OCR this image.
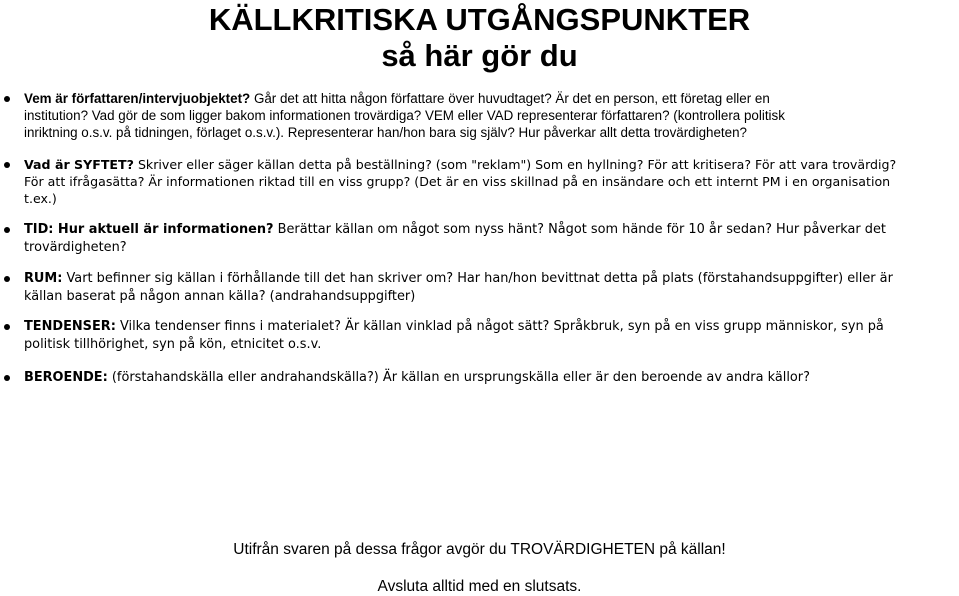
KÄLLKRITISKA UTGÅNGSPUNKTER
så här gör du
Vem är författaren/intervjuobjektet? Går det att hitta någon författare över huvudtaget? Är det en person, ett företag eller en
institution? Vad gör de som ligger bakom informationen trovärdiga? VEM eller VAD representerar författaren? (kontrollera politisk
inriktning o.s.v. på tidningen, förlaget o.s.v.). Representerar han/hon bara sig själv? Hur påverkar allt detta trovärdigheten?
Vad är SYFTET? Skriver eller säger källan detta på beställning? (som "reklam") Som en hyllning? För att kritisera? För att vara trovärdig?
För att ifrågasätta? Är informationen riktad till en viss grupp? (Det är en viss skillnad på en insändare och ett internt PM i en organisation
t.ex.)
TID: Hur aktuell är informationen? Berättar källan om något som nyss hänt? Något som hände för 10 år sedan? Hur påverkar det
trovärdigheten?
RUM: Vart befinner sig källan i förhållande till det han skriver om? Har han/hon bevittnat detta på plats (förstahandsuppgifter) eller är
källan baserat på någon annan källa? (andrahandsuppgifter)
TENDENSER: Vilka tendenser finns i materialet? Är källan vinklad på något sätt? Språkbruk, syn på en viss grupp människor, syn på
politisk tillhörighet, syn på kön, etnicitet o.s.v.
BEROENDE: (förstahandskälla eller andrahandskälla?) Är källan en ursprungskälla eller är den beroende av andra källor?
Utifrån svaren på dessa frågor avgör du TROVÄRDIGHETEN på källan!
Avsluta alltid med en slutsats.
